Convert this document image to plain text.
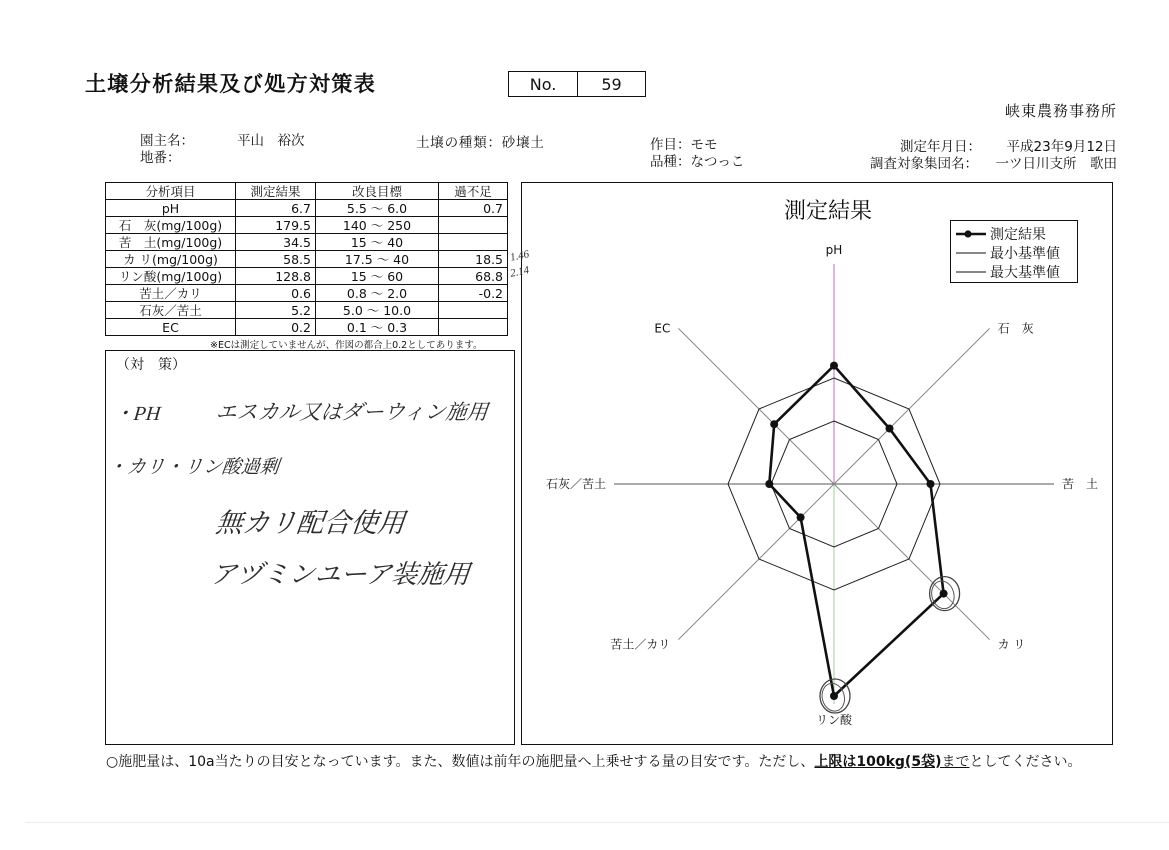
土壌分析結果及び処方対策表	No.	59
峡東農務事務所
園主名：	平山　裕次	土壌の種類：砂壌土	作目：モモ	測定年月日： 平成23年9月12日
地番：	品種：なつっこ	調査対象集団名： 一ツ日川支所　歌田
分析項目	測定結果	改良目標	過不足
pH	6.7	5.5 ～ 6.0	0.7
石　灰(mg/100g)	179.5	140 ～ 250	
苦　土(mg/100g)	34.5	15 ～ 40	
カ リ(mg/100g)	58.5	17.5 ～ 40	18.5
リン酸(mg/100g)	128.8	15 ～ 60	68.8
苦土／カリ	0.6	0.8 ～ 2.0	-0.2
石灰／苦土	5.2	5.0 ～ 10.0	
EC	0.2	0.1 ～ 0.3	
※ECは測定していませんが、作図の都合上0.2としてあります。
1.46
2.14
（対　策）
・PH	エスカル又はダーウィン施用
・カリ・リン酸過剰
無カリ配合使用
アヅミンユーア装施用
pH
石　灰
苦　土
カ リ
リン酸
苦土／カリ
石灰／苦土
EC
測定結果
測定結果
最小基準値
最大基準値
○施肥量は、10a当たりの目安となっています。また、数値は前年の施肥量へ上乗せする量の目安です。ただし、上限は100kg(5袋)までとしてください。
